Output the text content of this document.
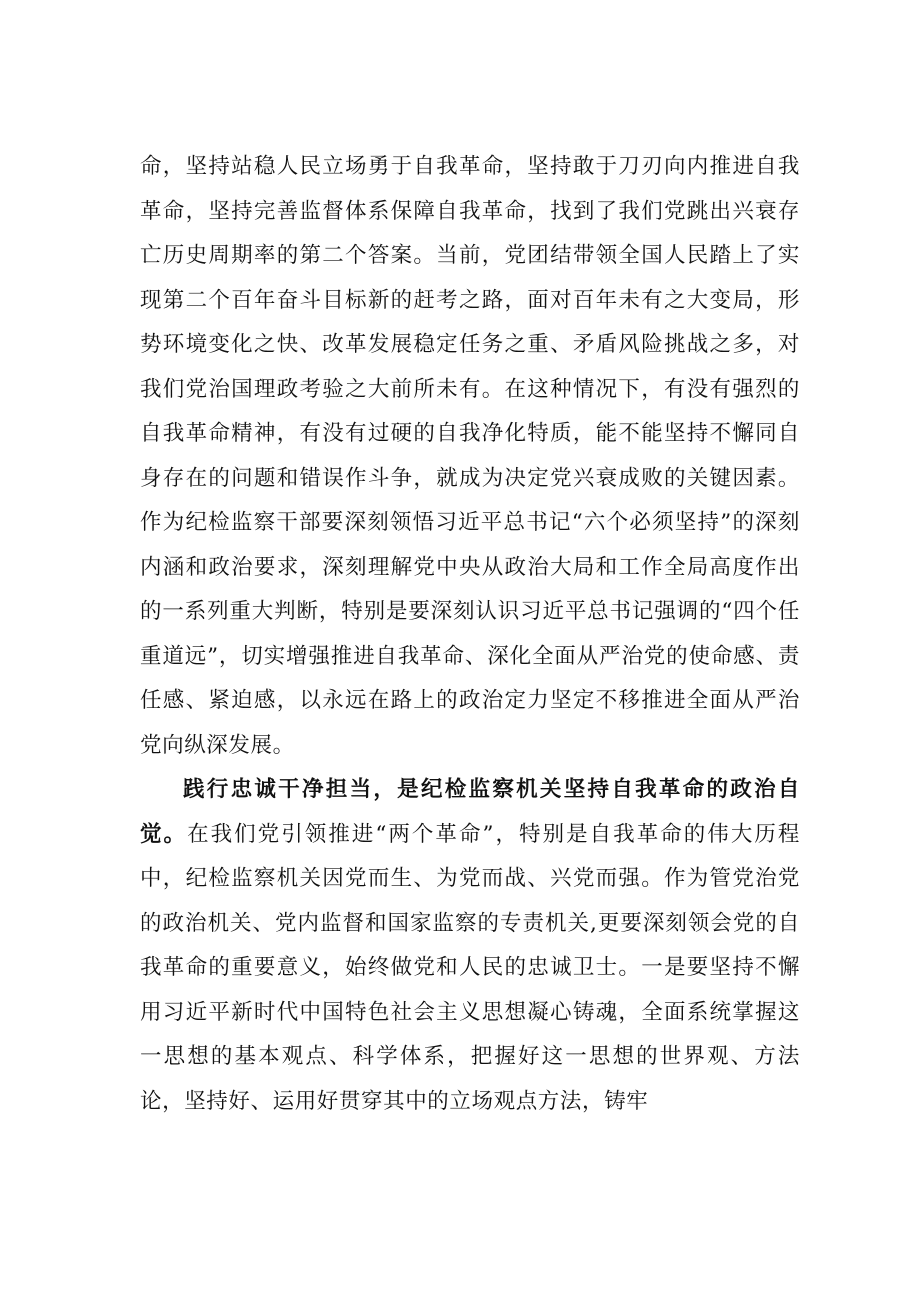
命，坚持站稳人民立场勇于自我革命，坚持敢于刀刃向内推进自我革命，坚持完善监督体系保障自我革命，找到了我们党跳出兴衰存亡历史周期率的第二个答案。当前，党团结带领全国人民踏上了实现第二个百年奋斗目标新的赶考之路，面对百年未有之大变局，形势环境变化之快、改革发展稳定任务之重、矛盾风险挑战之多，对我们党治国理政考验之大前所未有。在这种情况下，有没有强烈的自我革命精神，有没有过硬的自我净化特质，能不能坚持不懈同自身存在的问题和错误作斗争，就成为决定党兴衰成败的关键因素。作为纪检监察干部要深刻领悟习近平总书记“六个必须坚持”的深刻内涵和政治要求，深刻理解党中央从政治大局和工作全局高度作出的一系列重大判断，特别是要深刻认识习近平总书记强调的“四个任重道远”，切实增强推进自我革命、深化全面从严治党的使命感、责任感、紧迫感，以永远在路上的政治定力坚定不移推进全面从严治党向纵深发展。

践行忠诚干净担当，是纪检监察机关坚持自我革命的政治自觉。在我们党引领推进“两个革命”，特别是自我革命的伟大历程中，纪检监察机关因党而生、为党而战、兴党而强。作为管党治党的政治机关、党内监督和国家监察的专责机关,更要深刻领会党的自我革命的重要意义，始终做党和人民的忠诚卫士。一是要坚持不懈用习近平新时代中国特色社会主义思想凝心铸魂，全面系统掌握这一思想的基本观点、科学体系，把握好这一思想的世界观、方法论，坚持好、运用好贯穿其中的立场观点方法，铸牢
